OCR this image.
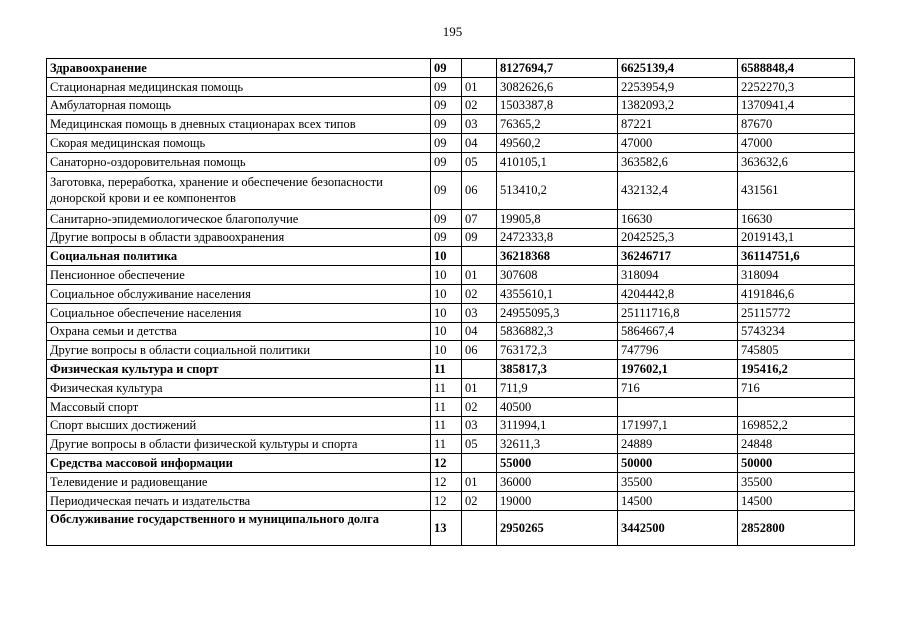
195
Здравоохранение	09		8127694,7	6625139,4	6588848,4
Стационарная медицинская помощь	09	01	3082626,6	2253954,9	2252270,3
Амбулаторная помощь	09	02	1503387,8	1382093,2	1370941,4
Медицинская помощь в дневных стационарах всех типов	09	03	76365,2	87221	87670
Скорая медицинская помощь	09	04	49560,2	47000	47000
Санаторно-оздоровительная помощь	09	05	410105,1	363582,6	363632,6
Заготовка, переработка, хранение и обеспечение безопасности донорской крови и ее компонентов	09	06	513410,2	432132,4	431561
Санитарно-эпидемиологическое благополучие	09	07	19905,8	16630	16630
Другие вопросы в области здравоохранения	09	09	2472333,8	2042525,3	2019143,1
Социальная политика	10		36218368	36246717	36114751,6
Пенсионное обеспечение	10	01	307608	318094	318094
Социальное обслуживание населения	10	02	4355610,1	4204442,8	4191846,6
Социальное обеспечение населения	10	03	24955095,3	25111716,8	25115772
Охрана семьи и детства	10	04	5836882,3	5864667,4	5743234
Другие вопросы в области социальной политики	10	06	763172,3	747796	745805
Физическая культура и спорт	11		385817,3	197602,1	195416,2
Физическая культура	11	01	711,9	716	716
Массовый спорт	11	02	40500		
Спорт высших достижений	11	03	311994,1	171997,1	169852,2
Другие вопросы в области физической культуры и спорта	11	05	32611,3	24889	24848
Средства массовой информации	12		55000	50000	50000
Телевидение и радиовещание	12	01	36000	35500	35500
Периодическая печать и издательства	12	02	19000	14500	14500
Обслуживание государственного и муниципального долга	13		2950265	3442500	2852800
